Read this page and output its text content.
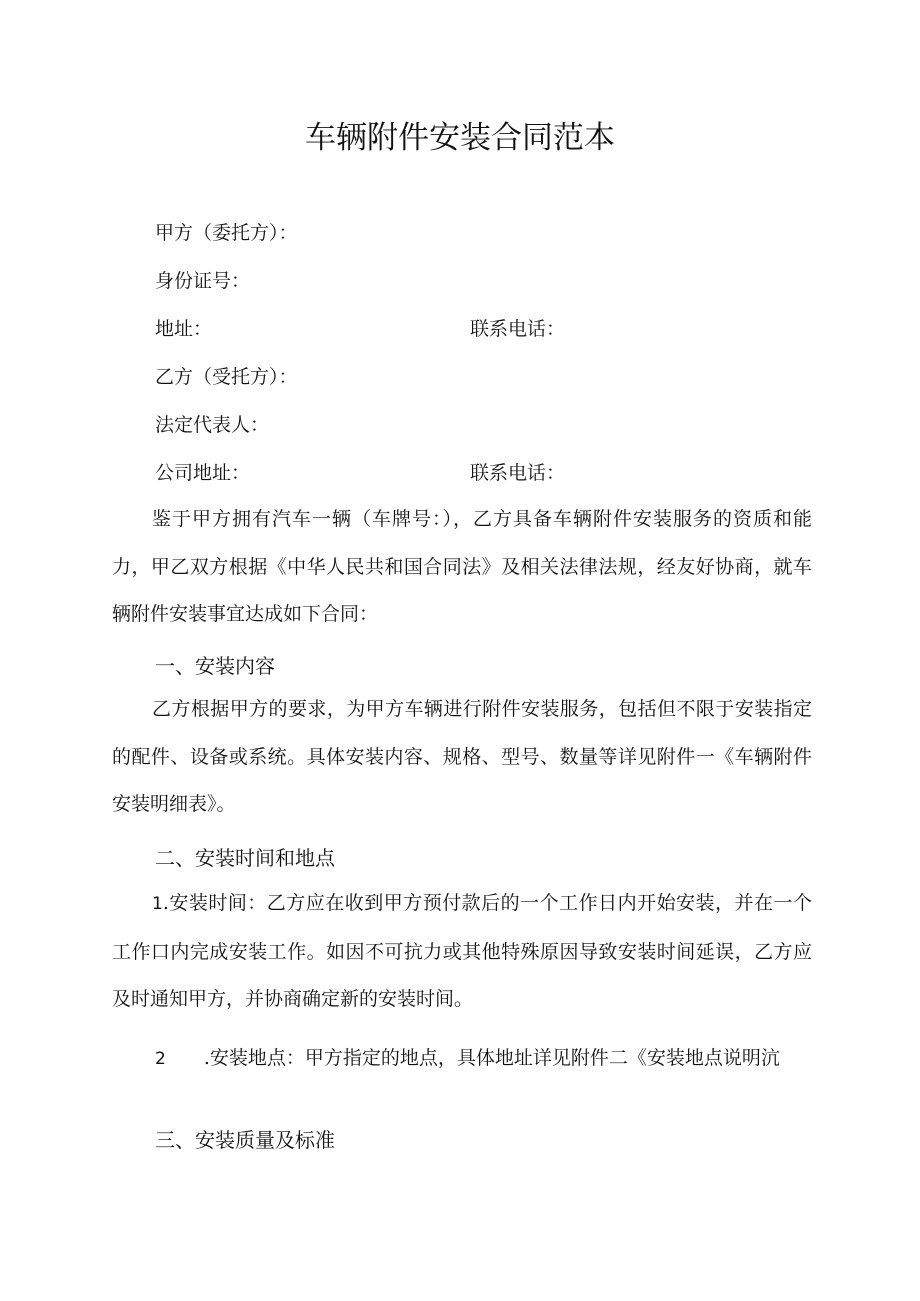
车辆附件安装合同范本
甲方（委托方）：
身份证号：
地址：	联系电话：
乙方（受托方）：
法定代表人：
公司地址：	联系电话：
鉴于甲方拥有汽车一辆（车牌号：），乙方具备车辆附件安装服务的资质和能力，甲乙双方根据《中华人民共和国合同法》及相关法律法规，经友好协商，就车辆附件安装事宜达成如下合同：
一、安装内容
乙方根据甲方的要求，为甲方车辆进行附件安装服务，包括但不限于安装指定的配件、设备或系统。具体安装内容、规格、型号、数量等详见附件一《车辆附件安装明细表》。
二、安装时间和地点
1.安装时间：乙方应在收到甲方预付款后的一个工作日内开始安装，并在一个工作口内完成安装工作。如因不可抗力或其他特殊原因导致安装时间延误，乙方应及时通知甲方，并协商确定新的安装时间。
2 .安装地点：甲方指定的地点，具体地址详见附件二《安装地点说明沆
三、安装质量及标准
